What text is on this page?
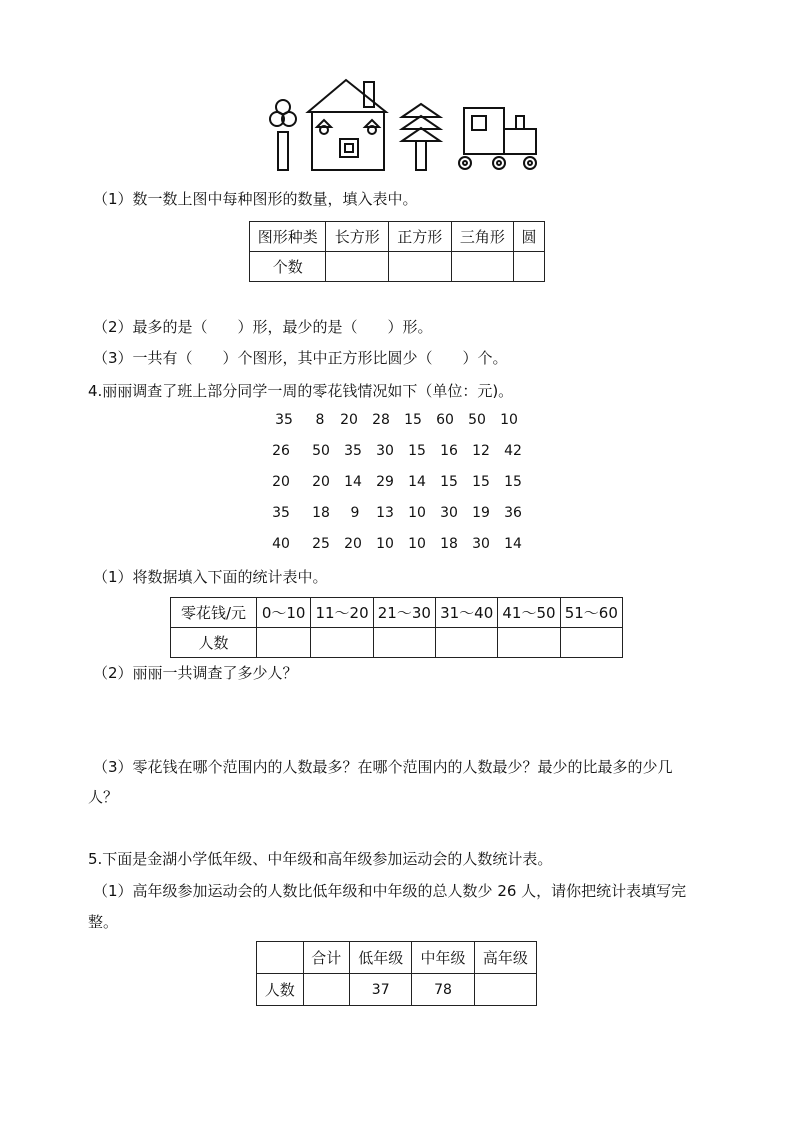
（1）数一数上图中每种图形的数量，填入表中。
图形种类	长方形	正方形	三角形	圆
个数				
（2）最多的是（　　）形，最少的是（　　）形。
（3）一共有（　　）个图形，其中正方形比圆少（　　）个。
4.丽丽调查了班上部分同学一周的零花钱情况如下（单位：元)。
35	8	20	28	15	60	50	10
26	50	35	30	15	16	12	42
20	20	14	29	14	15	15	15
35	18	9	13	10	30	19	36
40	25	20	10	10	18	30	14
（1）将数据填入下面的统计表中。
零花钱/元	0～10	11～20	21～30	31～40	41～50	51～60
人数						
（2）丽丽一共调查了多少人？
（3）零花钱在哪个范围内的人数最多？在哪个范围内的人数最少？最少的比最多的少几
人？
5.下面是金湖小学低年级、中年级和高年级参加运动会的人数统计表。
（1）高年级参加运动会的人数比低年级和中年级的总人数少 26 人，请你把统计表填写完
整。
	合计	低年级	中年级	高年级
人数		37	78	
